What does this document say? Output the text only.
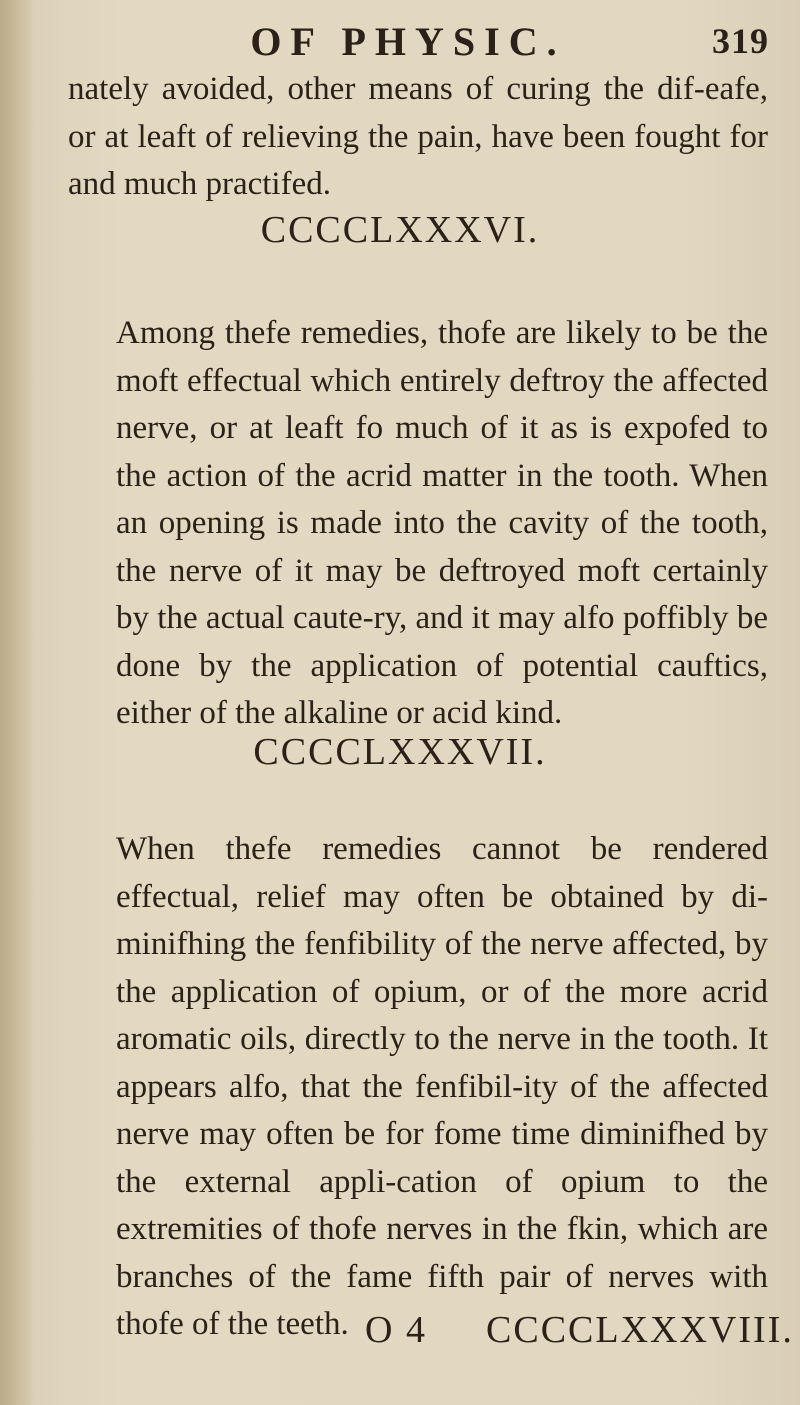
OF PHYSIC.	319

nately avoided, other means of curing the dif-eafe, or at leaft of relieving the pain, have been fought for and much practifed.

CCCCLXXXVI.

Among thefe remedies, thofe are likely to be the moft effectual which entirely deftroy the affected nerve, or at leaft fo much of it as is expofed to the action of the acrid matter in the tooth. When an opening is made into the cavity of the tooth, the nerve of it may be deftroyed moft certainly by the actual caute-ry, and it may alfo poffibly be done by the application of potential cauftics, either of the alkaline or acid kind.

CCCCLXXXVII.

When thefe remedies cannot be rendered effectual, relief may often be obtained by di-minifhing the fenfibility of the nerve affected, by the application of opium, or of the more acrid aromatic oils, directly to the nerve in the tooth. It appears alfo, that the fenfibil-ity of the affected nerve may often be for fome time diminifhed by the external appli-cation of opium to the extremities of thofe nerves in the fkin, which are branches of the fame fifth pair of nerves with thofe of the teeth. O 4 CCCCLXXXVIII.
